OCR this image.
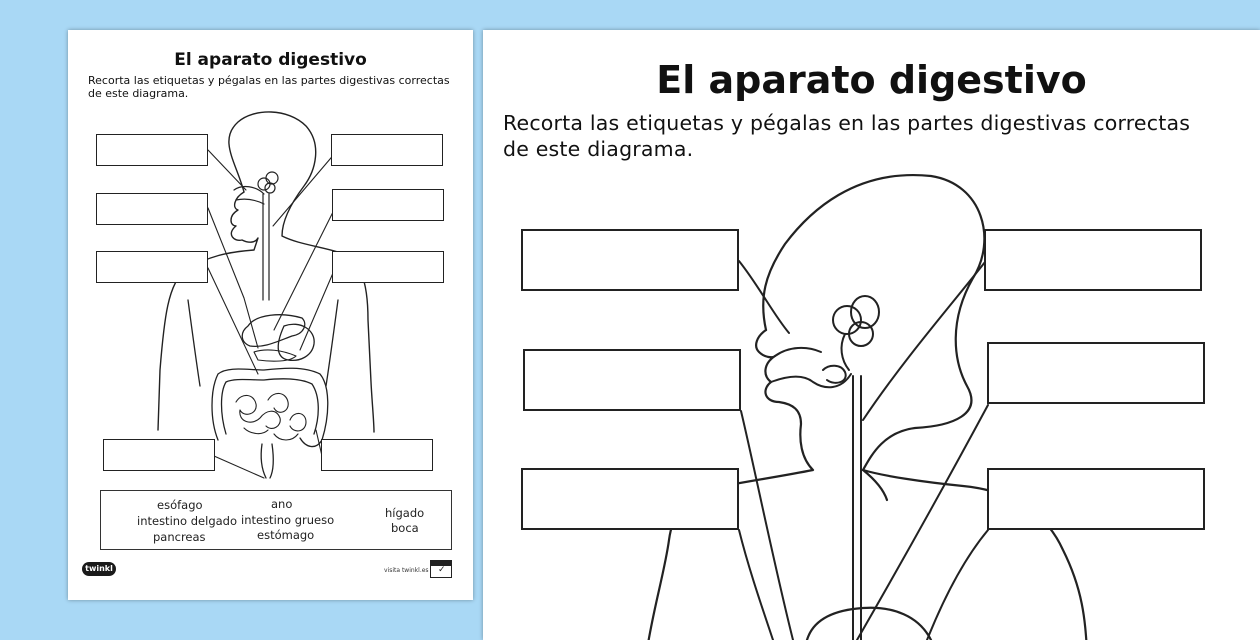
El aparato digestivo
Recorta las etiquetas y pégalas en las partes digestivas correctas de este diagrama.
esófago
intestino delgado
pancreas
ano
intestino grueso
estómago
hígado
boca
twinkl	visita twinkl.es
✓
El aparato digestivo
Recorta las etiquetas y pégalas en las partes digestivas correctas
de este diagrama.
